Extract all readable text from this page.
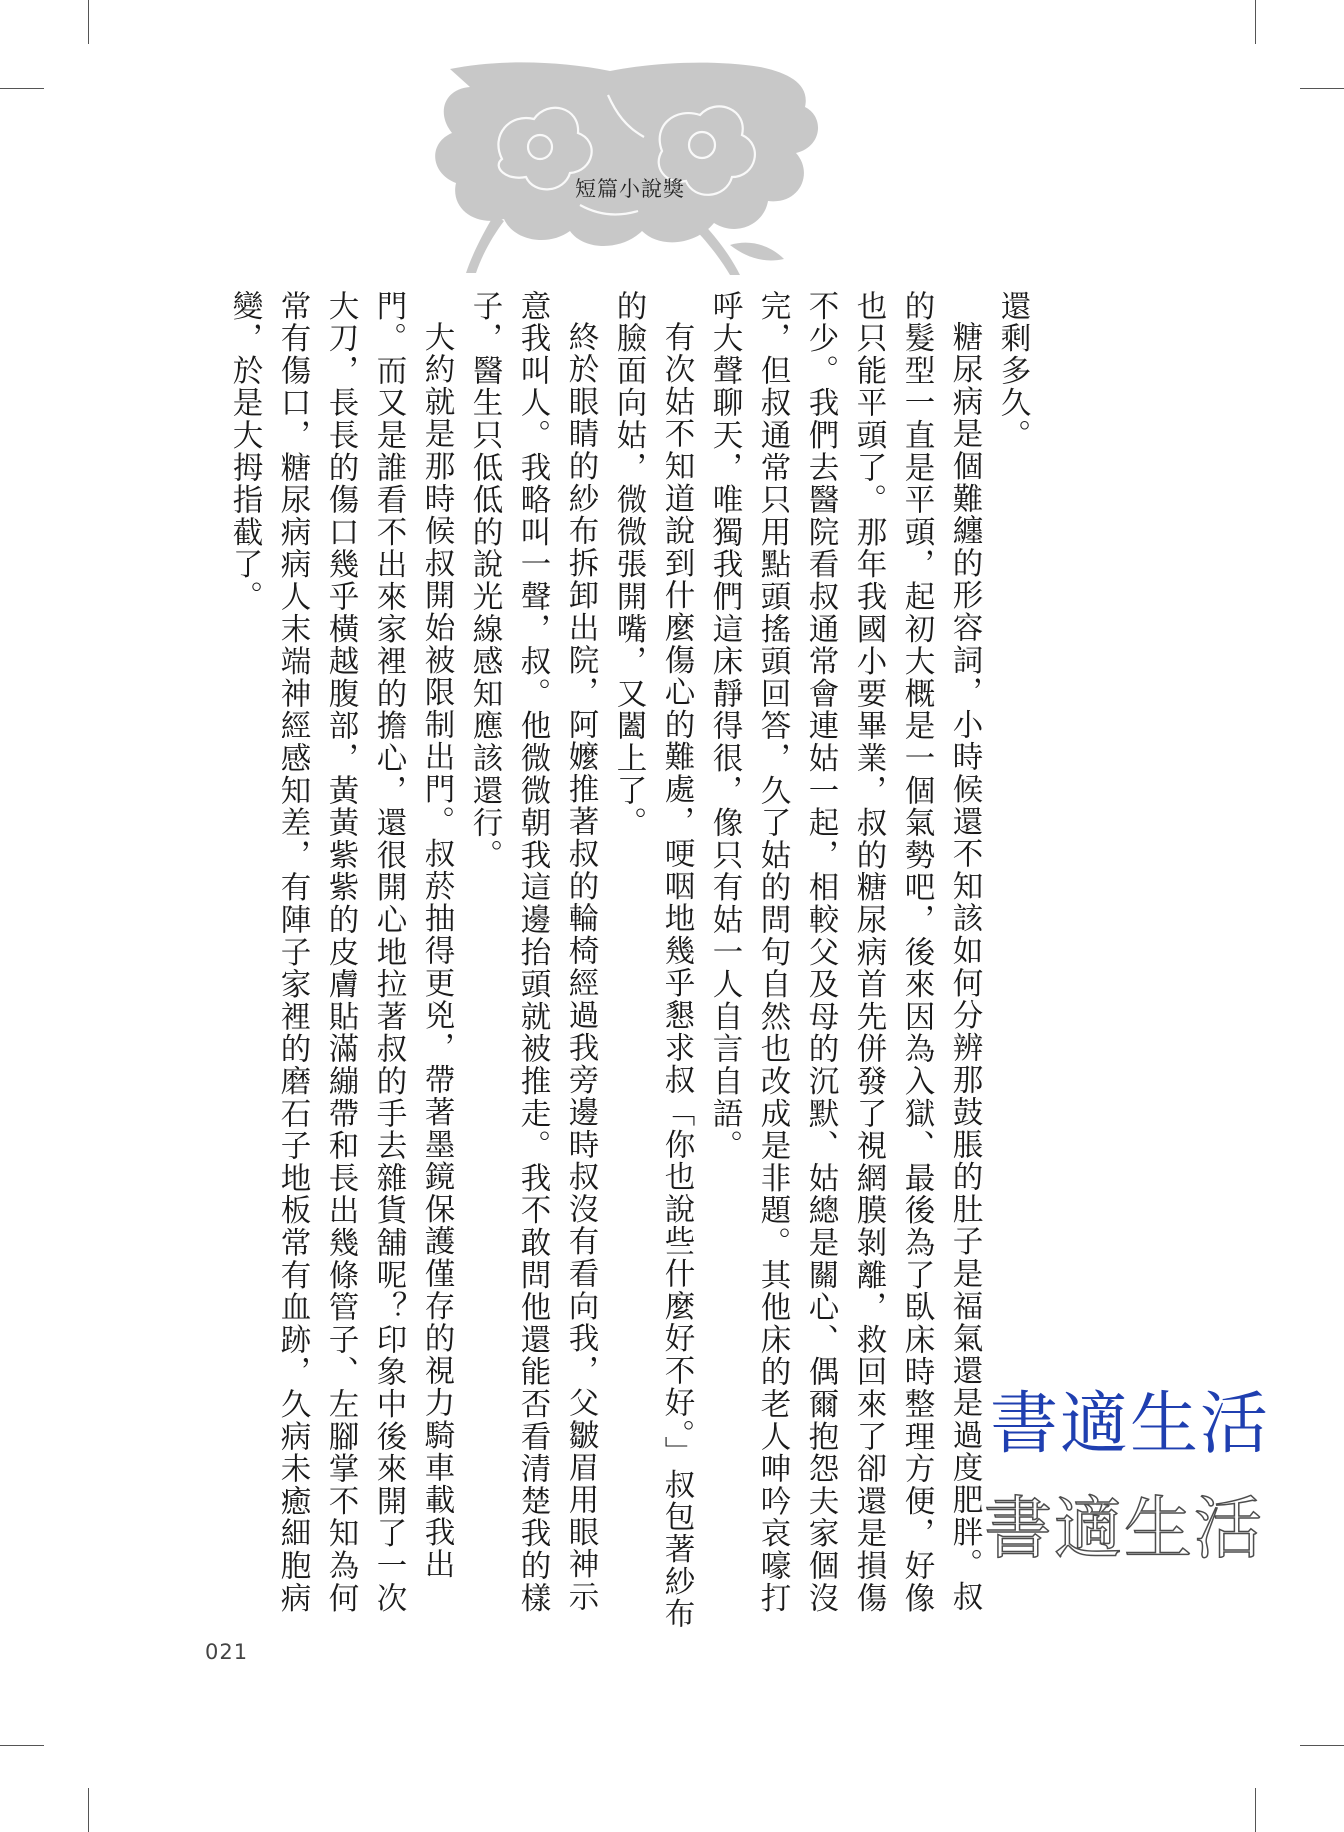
短篇小說獎

還剩多久。

糖尿病是個難纏的形容詞，小時候還不知該如何分辨那鼓脹的肚子是福氣還是過度肥胖。叔的髮型一直是平頭，起初大概是一個氣勢吧，後來因為入獄、最後為了臥床時整理方便，好像也只能平頭了。那年我國小要畢業，叔的糖尿病首先併發了視網膜剝離，救回來了卻還是損傷不少。我們去醫院看叔通常會連姑一起，相較父及母的沉默、姑總是關心、偶爾抱怨夫家個沒完，但叔通常只用點頭搖頭回答，久了姑的問句自然也改成是非題。其他床的老人呻吟哀嚎打呼大聲聊天，唯獨我們這床靜得很，像只有姑一人自言自語。

有次姑不知道說到什麼傷心的難處，哽咽地幾乎懇求叔「你也說些什麼好不好。」叔包著紗布的臉面向姑，微微張開嘴，又闔上了。

終於眼睛的紗布拆卸出院，阿嬤推著叔的輪椅經過我旁邊時叔沒有看向我，父皺眉用眼神示意我叫人。我略叫一聲，叔。他微微朝我這邊抬頭就被推走。我不敢問他還能否看清楚我的樣子，醫生只低低的說光線感知應該還行。

大約就是那時候叔開始被限制出門。叔菸抽得更兇，帶著墨鏡保護僅存的視力騎車載我出門。而又是誰看不出來家裡的擔心，還很開心地拉著叔的手去雜貨舖呢？印象中後來開了一次大刀，長長的傷口幾乎橫越腹部，黃黃紫紫的皮膚貼滿繃帶和長出幾條管子、左腳掌不知為何常有傷口，糖尿病病人末端神經感知差，有陣子家裡的磨石子地板常有血跡，久病未癒細胞病變，於是大拇指截了。

021
書適生活
書適生活
